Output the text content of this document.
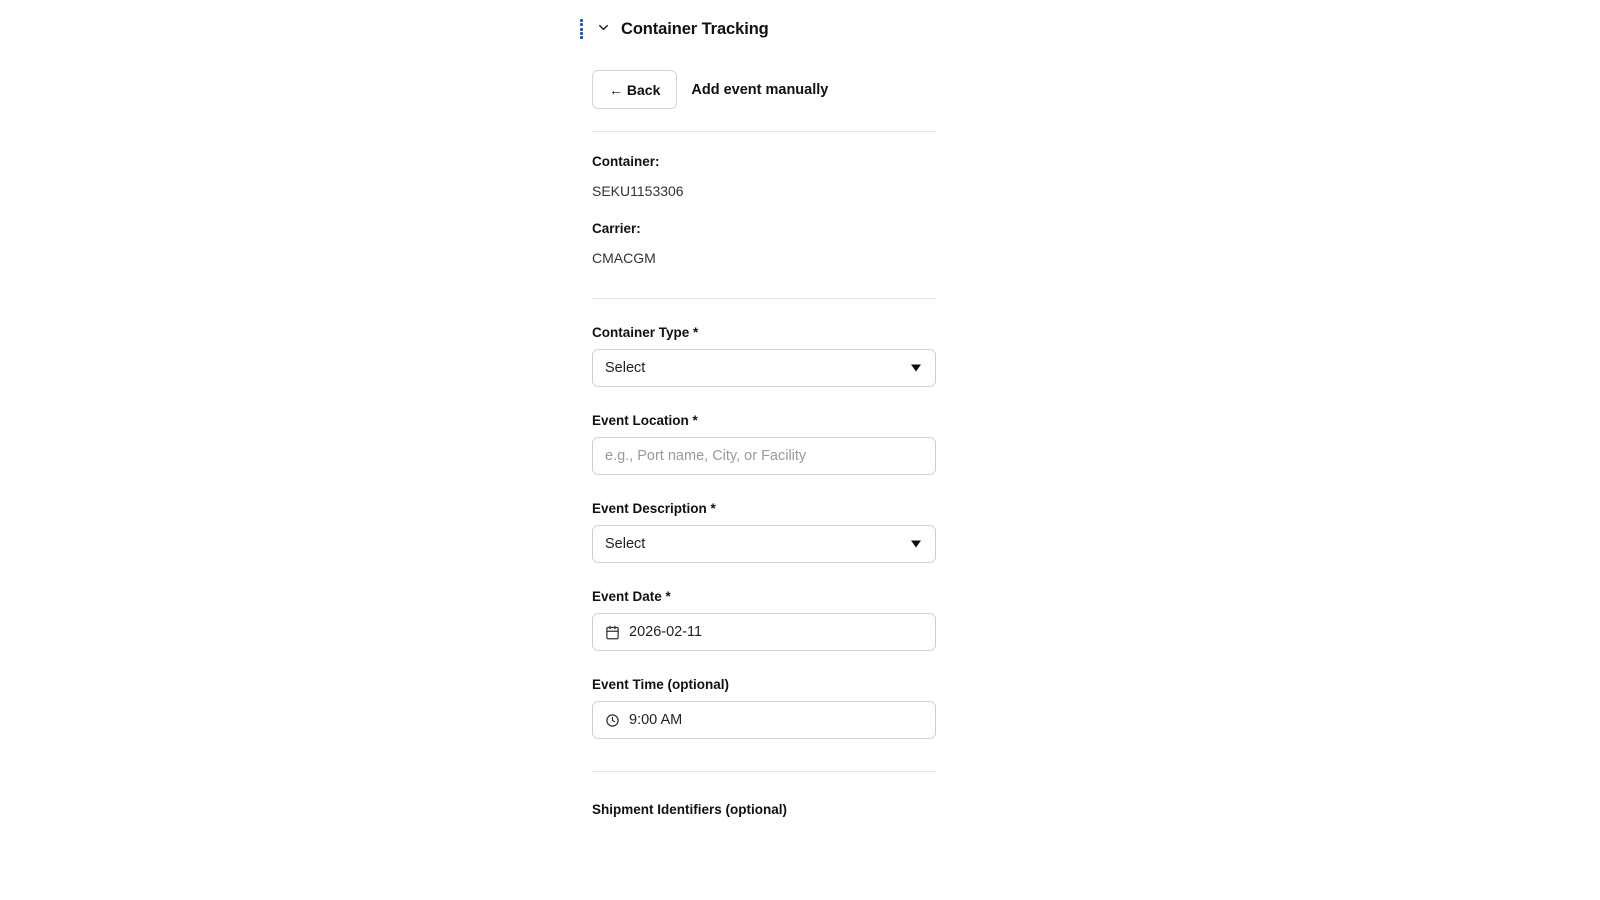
Container Tracking
← Back	Add event manually
Container:
SEKU1153306
Carrier:
CMACGM
Container Type *
Select
Event Location *
e.g., Port name, City, or Facility
Event Description *
Select
Event Date *
2026-02-11
Event Time (optional)
9:00 AM
Shipment Identifiers (optional)
